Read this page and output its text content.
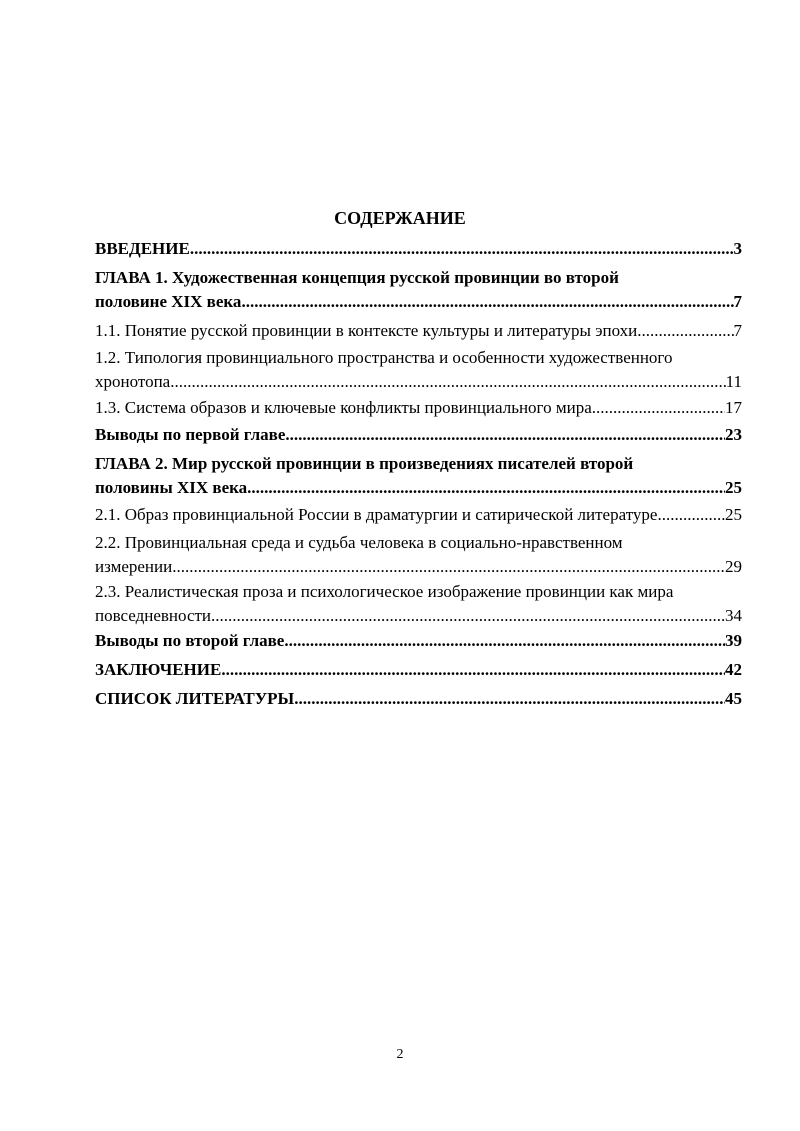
СОДЕРЖАНИЕ
ВВЕДЕНИЕ .....	3
ГЛАВА 1. Художественная концепция русской провинции во второй
половине XIX века .....	7
1.1. Понятие русской провинции в контексте культуры и литературы эпохи .....	7
1.2. Типология провинциального пространства и особенности художественного
хронотопа .....	11
1.3. Система образов и ключевые конфликты провинциального мира .....	17
Выводы по первой главе .....	23
ГЛАВА 2. Мир русской провинции в произведениях писателей второй
половины XIX века .....	25
2.1. Образ провинциальной России в драматургии и сатирической литературе .....	25
2.2. Провинциальная среда и судьба человека в социально-нравственном
измерении .....	29
2.3. Реалистическая проза и психологическое изображение провинции как мира
повседневности .....	34
Выводы по второй главе .....	39
ЗАКЛЮЧЕНИЕ .....	42
СПИСОК ЛИТЕРАТУРЫ .....	45
2
